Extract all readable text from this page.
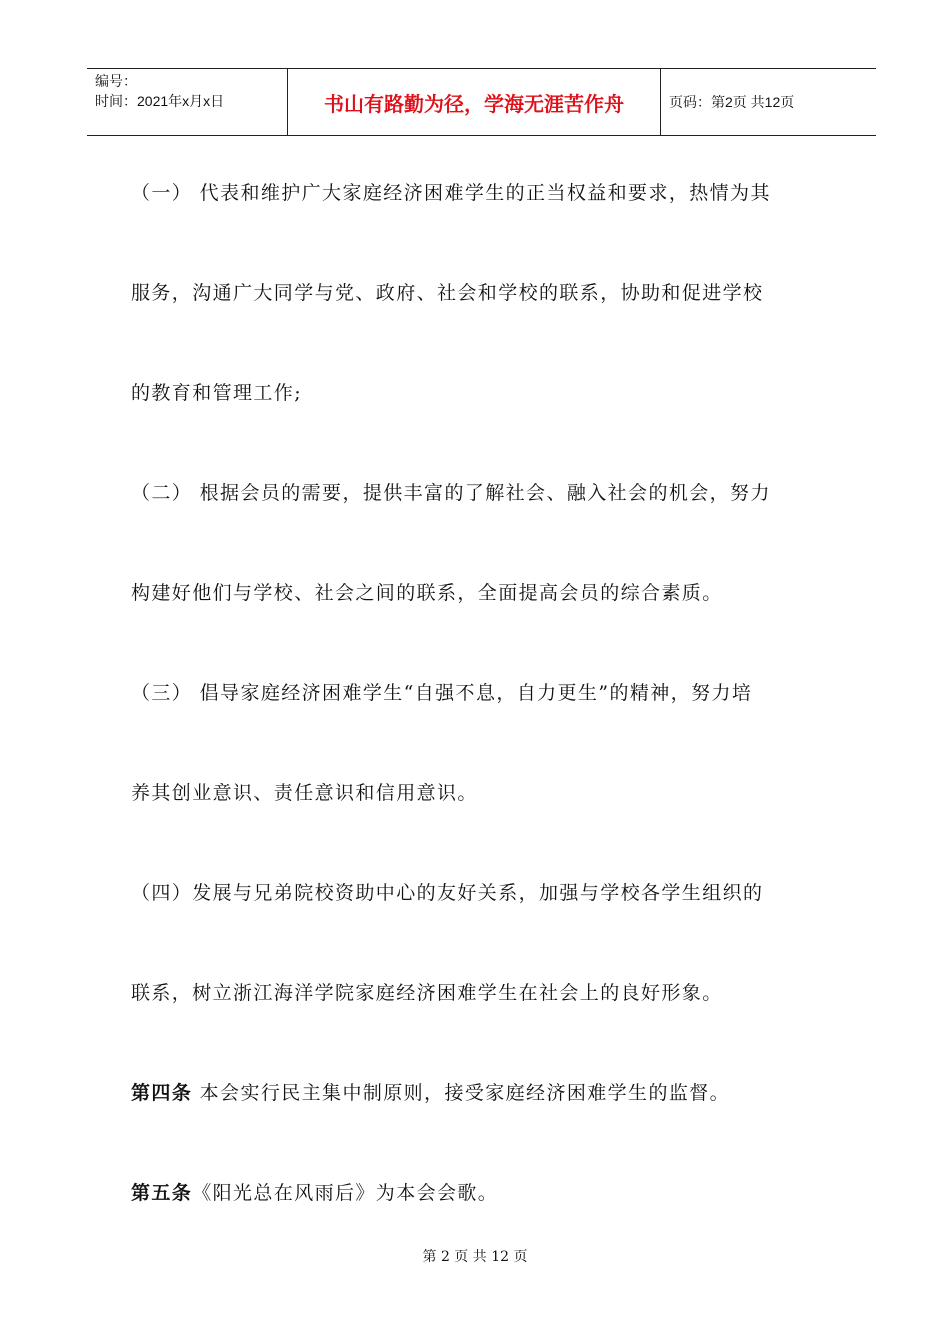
编号：
时间：2021年x月x日	书山有路勤为径，学海无涯苦作舟	页码：第2页 共12页
（一） 代表和维护广大家庭经济困难学生的正当权益和要求，热情为其
服务，沟通广大同学与党、政府、社会和学校的联系，协助和促进学校
的教育和管理工作;
（二） 根据会员的需要，提供丰富的了解社会、融入社会的机会，努力
构建好他们与学校、社会之间的联系，全面提高会员的综合素质。
（三） 倡导家庭经济困难学生“自强不息，自力更生”的精神，努力培
养其创业意识、责任意识和信用意识。
（四）发展与兄弟院校资助中心的友好关系，加强与学校各学生组织的
联系，树立浙江海洋学院家庭经济困难学生在社会上的良好形象。
第四条 本会实行民主集中制原则，接受家庭经济困难学生的监督。
第五条《阳光总在风雨后》为本会会歌。
第 2 页 共 12 页
